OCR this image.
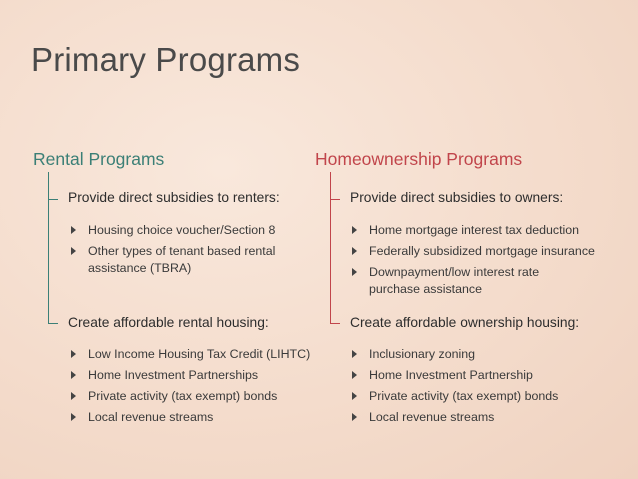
Primary Programs
Rental Programs
Provide direct subsidies to renters:
Housing choice voucher/Section 8
Other types of tenant based rental assistance (TBRA)
Create affordable rental housing:
Low Income Housing Tax Credit (LIHTC)
Home Investment Partnerships
Private activity (tax exempt) bonds
Local revenue streams
Homeownership Programs
Provide direct subsidies to owners:
Home mortgage interest tax deduction
Federally subsidized mortgage insurance
Downpayment/low interest rate purchase assistance
Create affordable ownership housing:
Inclusionary zoning
Home Investment Partnership
Private activity (tax exempt) bonds
Local revenue streams
